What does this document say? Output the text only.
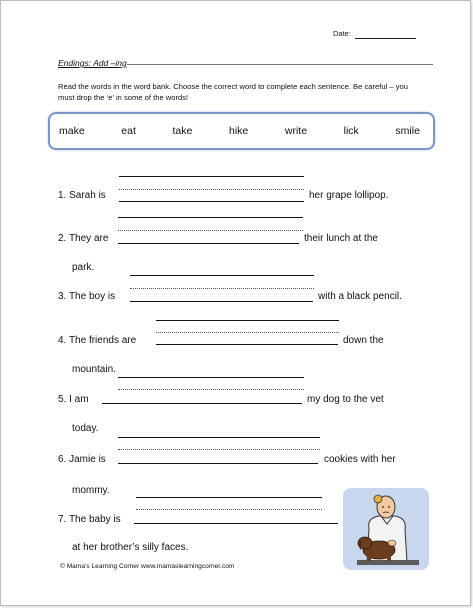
Date:
Endings: Add –ing
Read the words in the word bank. Choose the correct word to complete each sentence. Be careful – you must drop the ‘e’ in some of the words!
make	eat	take	hike	write	lick	smile
1. Sarah is	her grape lollipop.
2. They are	their lunch at the
park.
3. The boy is	with a black pencil.
4. The friends are	down the
mountain.
5. I am	my dog to the vet
today.
6. Jamie is	cookies with her
mommy.
7. The baby is
at her brother’s silly faces.
© Mama’s Learning Corner www.mamaslearningcorner.com
